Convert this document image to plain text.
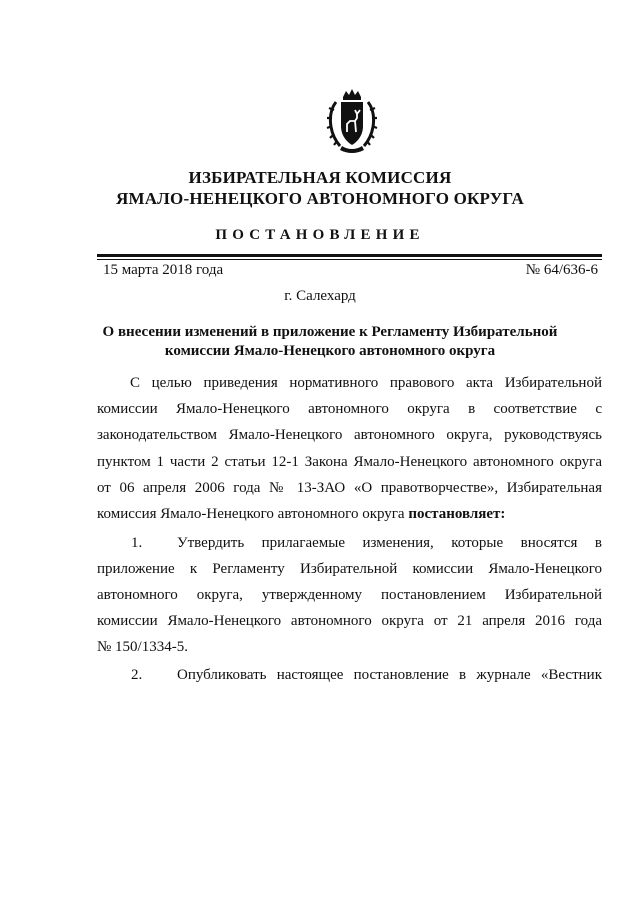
ИЗБИРАТЕЛЬНАЯ КОМИССИЯ
ЯМАЛО-НЕНЕЦКОГО АВТОНОМНОГО ОКРУГА
ПОСТАНОВЛЕНИЕ
15 марта 2018 года	№ 64/636-6
г. Салехард
О внесении изменений в приложение к Регламенту Избирательной
комиссии Ямало-Ненецкого автономного округа
С целью приведения нормативного правового акта Избирательной
комиссии Ямало-Ненецкого автономного округа в соответствие с
законодательством Ямало-Ненецкого автономного округа, руководствуясь
пунктом 1 части 2 статьи 12-1 Закона Ямало-Ненецкого автономного округа
от 06 апреля 2006 года № 13-ЗАО «О правотворчестве», Избирательная
комиссия Ямало-Ненецкого автономного округа постановляет:
1. Утвердить прилагаемые изменения, которые вносятся в
приложение к Регламенту Избирательной комиссии Ямало-Ненецкого
автономного округа, утвержденному постановлением Избирательной
комиссии Ямало-Ненецкого автономного округа от 21 апреля 2016 года
№ 150/1334-5.
2. Опубликовать настоящее постановление в журнале «Вестник
